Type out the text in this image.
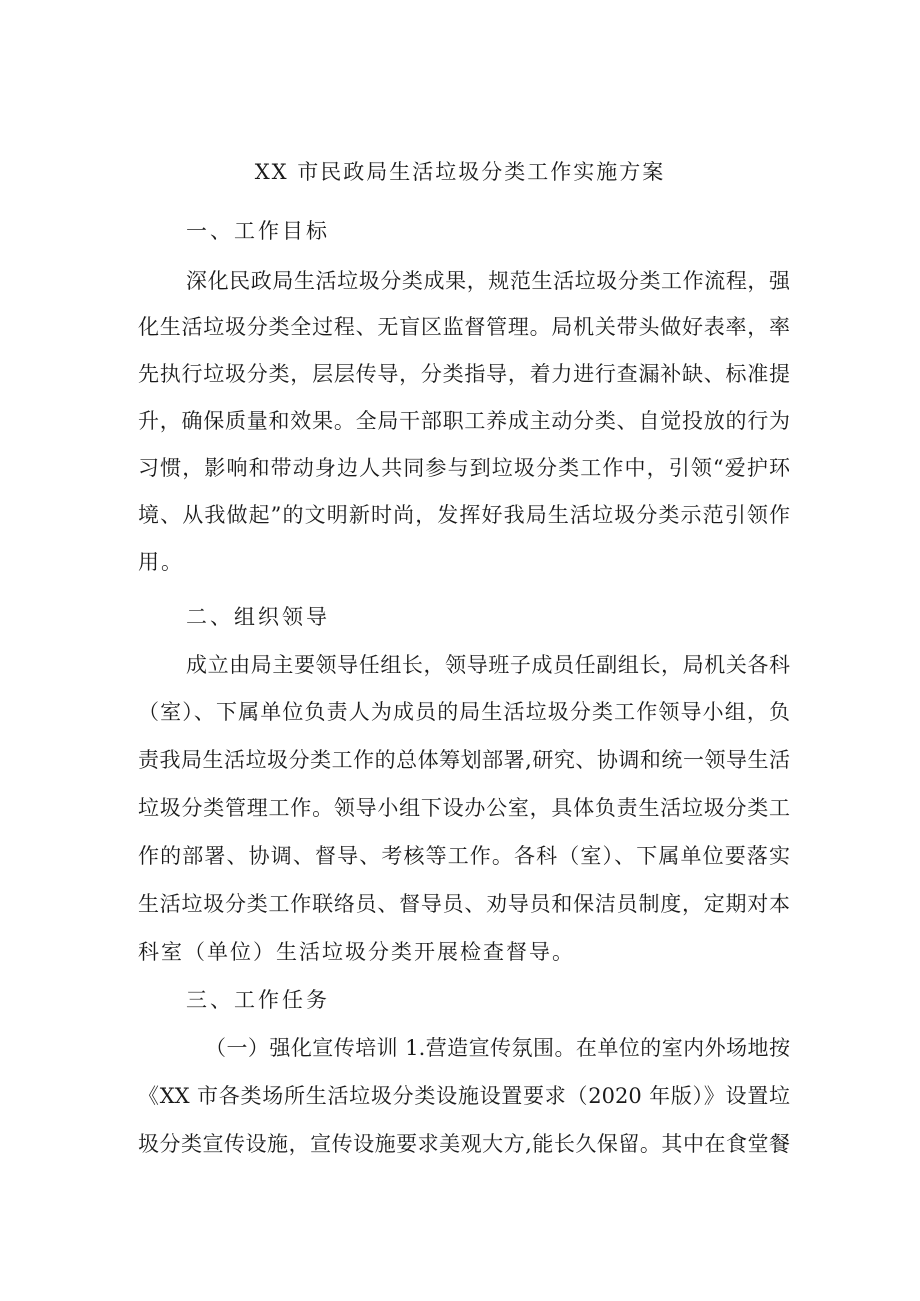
XX 市民政局生活垃圾分类工作实施方案
一、工作目标
深化民政局生活垃圾分类成果，规范生活垃圾分类工作流程，强
化生活垃圾分类全过程、无盲区监督管理。局机关带头做好表率，率
先执行垃圾分类，层层传导，分类指导，着力进行查漏补缺、标准提
升，确保质量和效果。全局干部职工养成主动分类、自觉投放的行为
习惯，影响和带动身边人共同参与到垃圾分类工作中，引领“爱护环
境、从我做起”的文明新时尚，发挥好我局生活垃圾分类示范引领作
用。
二、组织领导
成立由局主要领导任组长，领导班子成员任副组长，局机关各科
（室）、下属单位负责人为成员的局生活垃圾分类工作领导小组，负
责我局生活垃圾分类工作的总体筹划部署,研究、协调和统一领导生活
垃圾分类管理工作。领导小组下设办公室，具体负责生活垃圾分类工
作的部署、协调、督导、考核等工作。各科（室）、下属单位要落实
生活垃圾分类工作联络员、督导员、劝导员和保洁员制度，定期对本
科室（单位）生活垃圾分类开展检查督导。
三、工作任务
（一）强化宣传培训 1.营造宣传氛围。在单位的室内外场地按
《XX 市各类场所生活垃圾分类设施设置要求（2020 年版）》设置垃
圾分类宣传设施，宣传设施要求美观大方,能长久保留。其中在食堂餐
